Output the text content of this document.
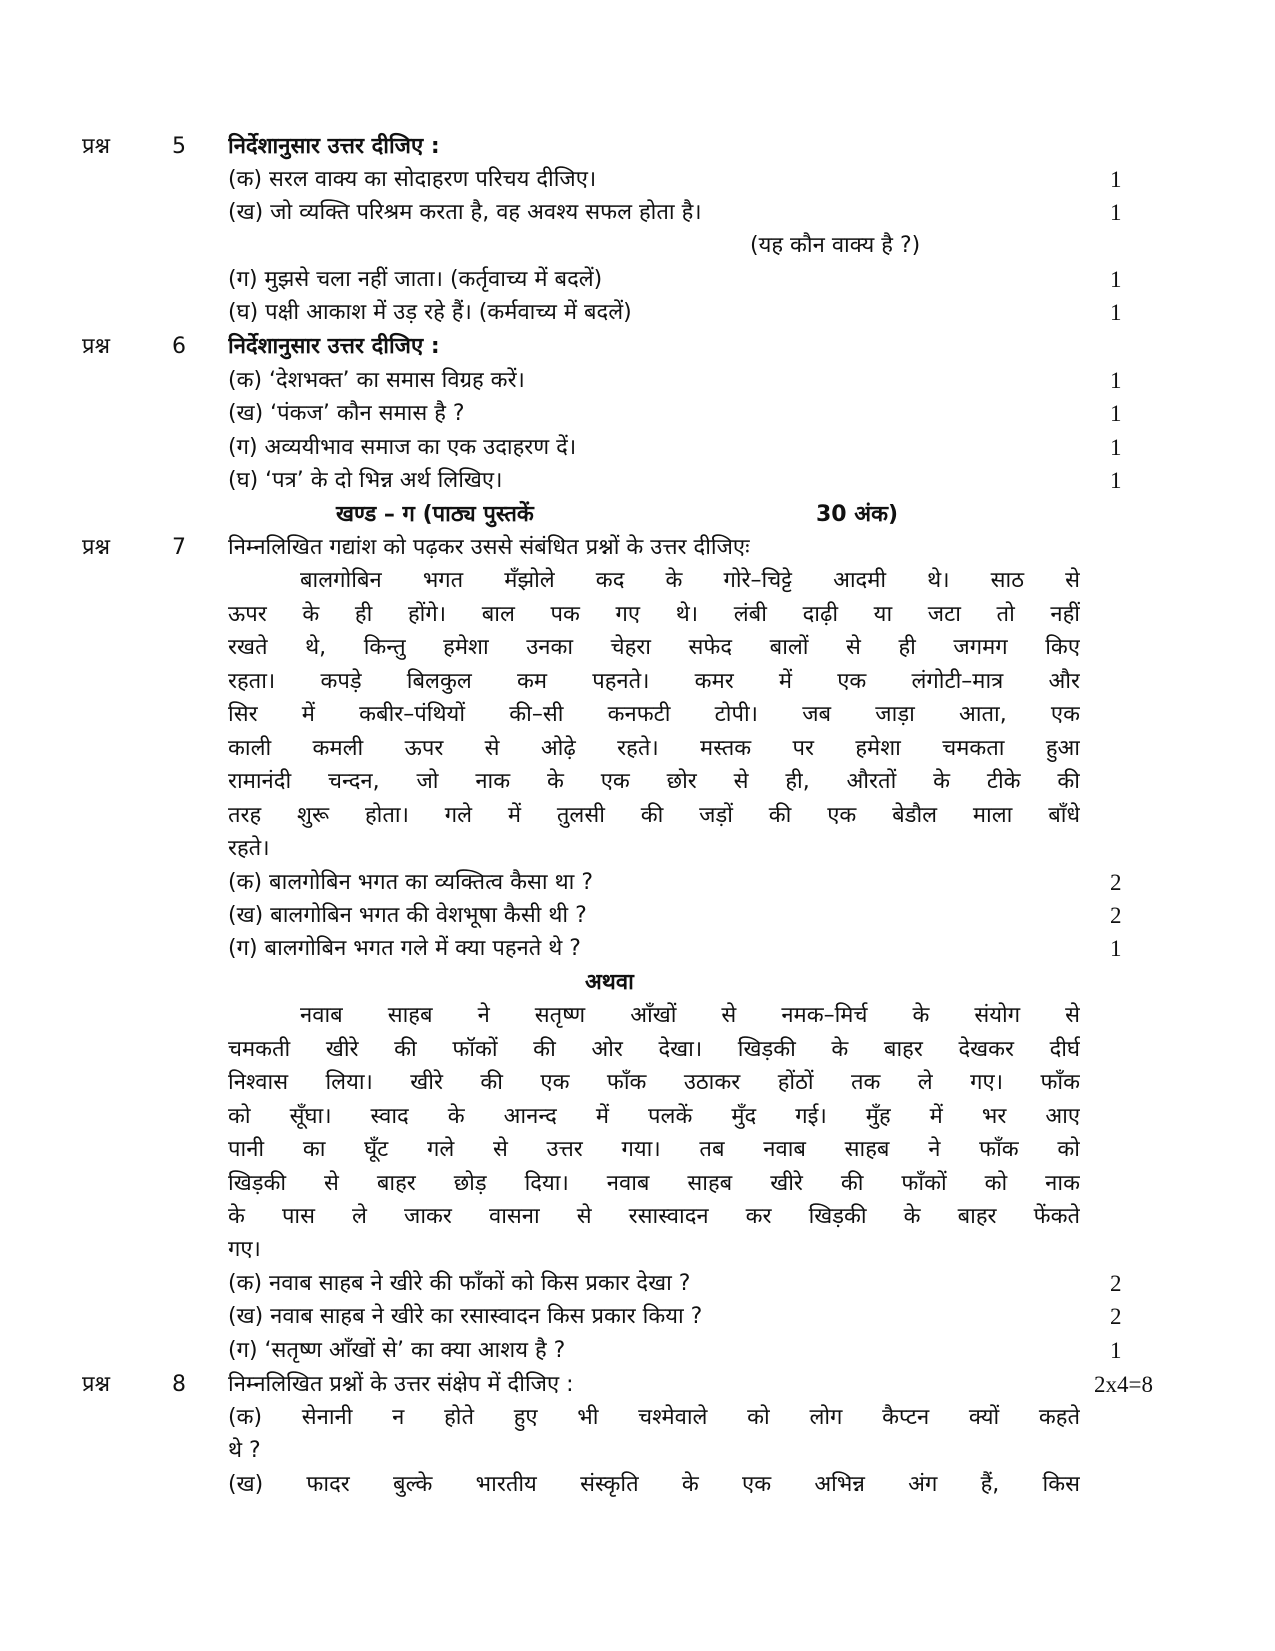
प्रश्न	5 निर्देशानुसार उत्तर दीजिए :
(क) सरल वाक्य का सोदाहरण परिचय दीजिए।	1
(ख) जो व्यक्ति परिश्रम करता है, वह अवश्य सफल होता है।	1
(यह कौन वाक्य है ?)
(ग) मुझसे चला नहीं जाता। (कर्तृवाच्य में बदलें)	1
(घ) पक्षी आकाश में उड़ रहे हैं। (कर्मवाच्य में बदलें)	1
प्रश्न	6 निर्देशानुसार उत्तर दीजिए :
(क) ‘देशभक्त’ का समास विग्रह करें।	1
(ख) ‘पंकज’ कौन समास है ?	1
(ग) अव्ययीभाव समाज का एक उदाहरण दें।	1
(घ) ‘पत्र’ के दो भिन्न अर्थ लिखिए।	1
खण्ड – ग (पाठ्य पुस्तकें	30 अंक)
प्रश्न	7 निम्नलिखित गद्यांश को पढ़कर उससे संबंधित प्रश्नों के उत्तर दीजिएः
बालगोबिन भगत मँझोले कद के गोरे–चिट्टे आदमी थे। साठ से
ऊपर के ही होंगे। बाल पक गए थे। लंबी दाढ़ी या जटा तो नहीं
रखते थे, किन्तु हमेशा उनका चेहरा सफेद बालों से ही जगमग किए
रहता। कपड़े बिलकुल कम पहनते। कमर में एक लंगोटी–मात्र और
सिर में कबीर–पंथियों की–सी कनफटी टोपी। जब जाड़ा आता, एक
काली कमली ऊपर से ओढ़े रहते। मस्तक पर हमेशा चमकता हुआ
रामानंदी चन्दन, जो नाक के एक छोर से ही, औरतों के टीके की
तरह शुरू होता। गले में तुलसी की जड़ों की एक बेडौल माला बाँधे
रहते।
(क) बालगोबिन भगत का व्यक्तित्व कैसा था ?	2
(ख) बालगोबिन भगत की वेशभूषा कैसी थी ?	2
(ग) बालगोबिन भगत गले में क्या पहनते थे ?	1
अथवा
नवाब साहब ने सतृष्ण आँखों से नमक–मिर्च के संयोग से
चमकती खीरे की फॉकों की ओर देखा। खिड़की के बाहर देखकर दीर्घ
निश्वास लिया। खीरे की एक फाँक उठाकर होंठों तक ले गए। फाँक
को सूँघा। स्वाद के आनन्द में पलकें मुँद गई। मुँह में भर आए
पानी का घूँट गले से उत्तर गया। तब नवाब साहब ने फाँक को
खिड़की से बाहर छोड़ दिया। नवाब साहब खीरे की फाँकों को नाक
के पास ले जाकर वासना से रसास्वादन कर खिड़की के बाहर फेंकते
गए।
(क) नवाब साहब ने खीरे की फाँकों को किस प्रकार देखा ?	2
(ख) नवाब साहब ने खीरे का रसास्वादन किस प्रकार किया ?	2
(ग) ‘सतृष्ण आँखों से’ का क्या आशय है ?	1
प्रश्न	8 निम्नलिखित प्रश्नों के उत्तर संक्षेप में दीजिए :	2x4=8
(क) सेनानी न होते हुए भी चश्मेवाले को लोग कैप्टन क्यों कहते
थे ?
(ख) फादर बुल्के भारतीय संस्कृति के एक अभिन्न अंग हैं, किस
